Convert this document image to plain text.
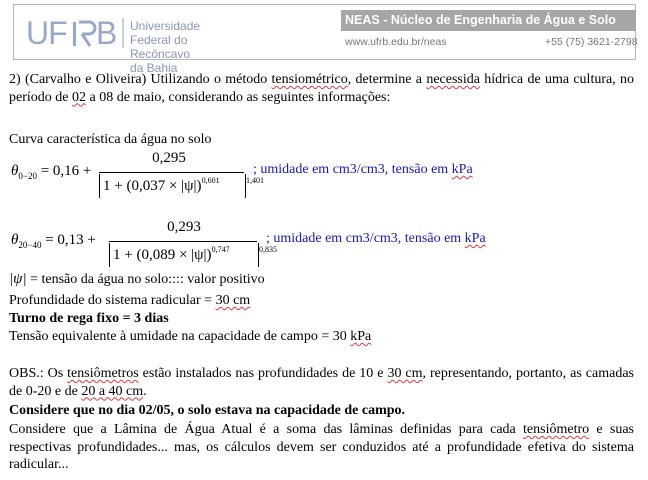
UF B Universidade Federal do
Recôncavo da Bahia
NEAS - Núcleo de Engenharia de Água e Solo
www.ufrb.edu.br/neas	+55 (75) 3621-2798
2) (Carvalho e Oliveira) Utilizando o método tensiométrico, determine a necessida hídrica de uma cultura, no período de 02 a 08 de maio, considerando as seguintes informações:
Curva característica da água no solo
$\theta_{0-20} = 0,16$ +
0,295
$1 + (0,037 \times |\psi|)^{0,601}$	1,401
; umidade em cm3/cm3, tensão em kPa
$\theta_{20-40} = 0,13$ +
0,293
$1 + (0,089 \times |\psi|)^{0,747}$	0,835
; umidade em cm3/cm3, tensão em kPa
|ψ| = tensão da água no solo:::: valor positivo
Profundidade do sistema radicular = 30 cm
Turno de rega fixo = 3 dias
Tensão equivalente à umidade na capacidade de campo = 30 kPa
OBS.: Os tensiômetros estão instalados nas profundidades de 10 e 30 cm, representando, portanto, as camadas de 0-20 e de 20 a 40 cm.
Considere que no dia 02/05, o solo estava na capacidade de campo.
Considere que a Lâmina de Água Atual é a soma das lâminas definidas para cada tensiômetro e suas respectivas profundidades... mas, os cálculos devem ser conduzidos até a profundidade efetiva do sistema radicular...
